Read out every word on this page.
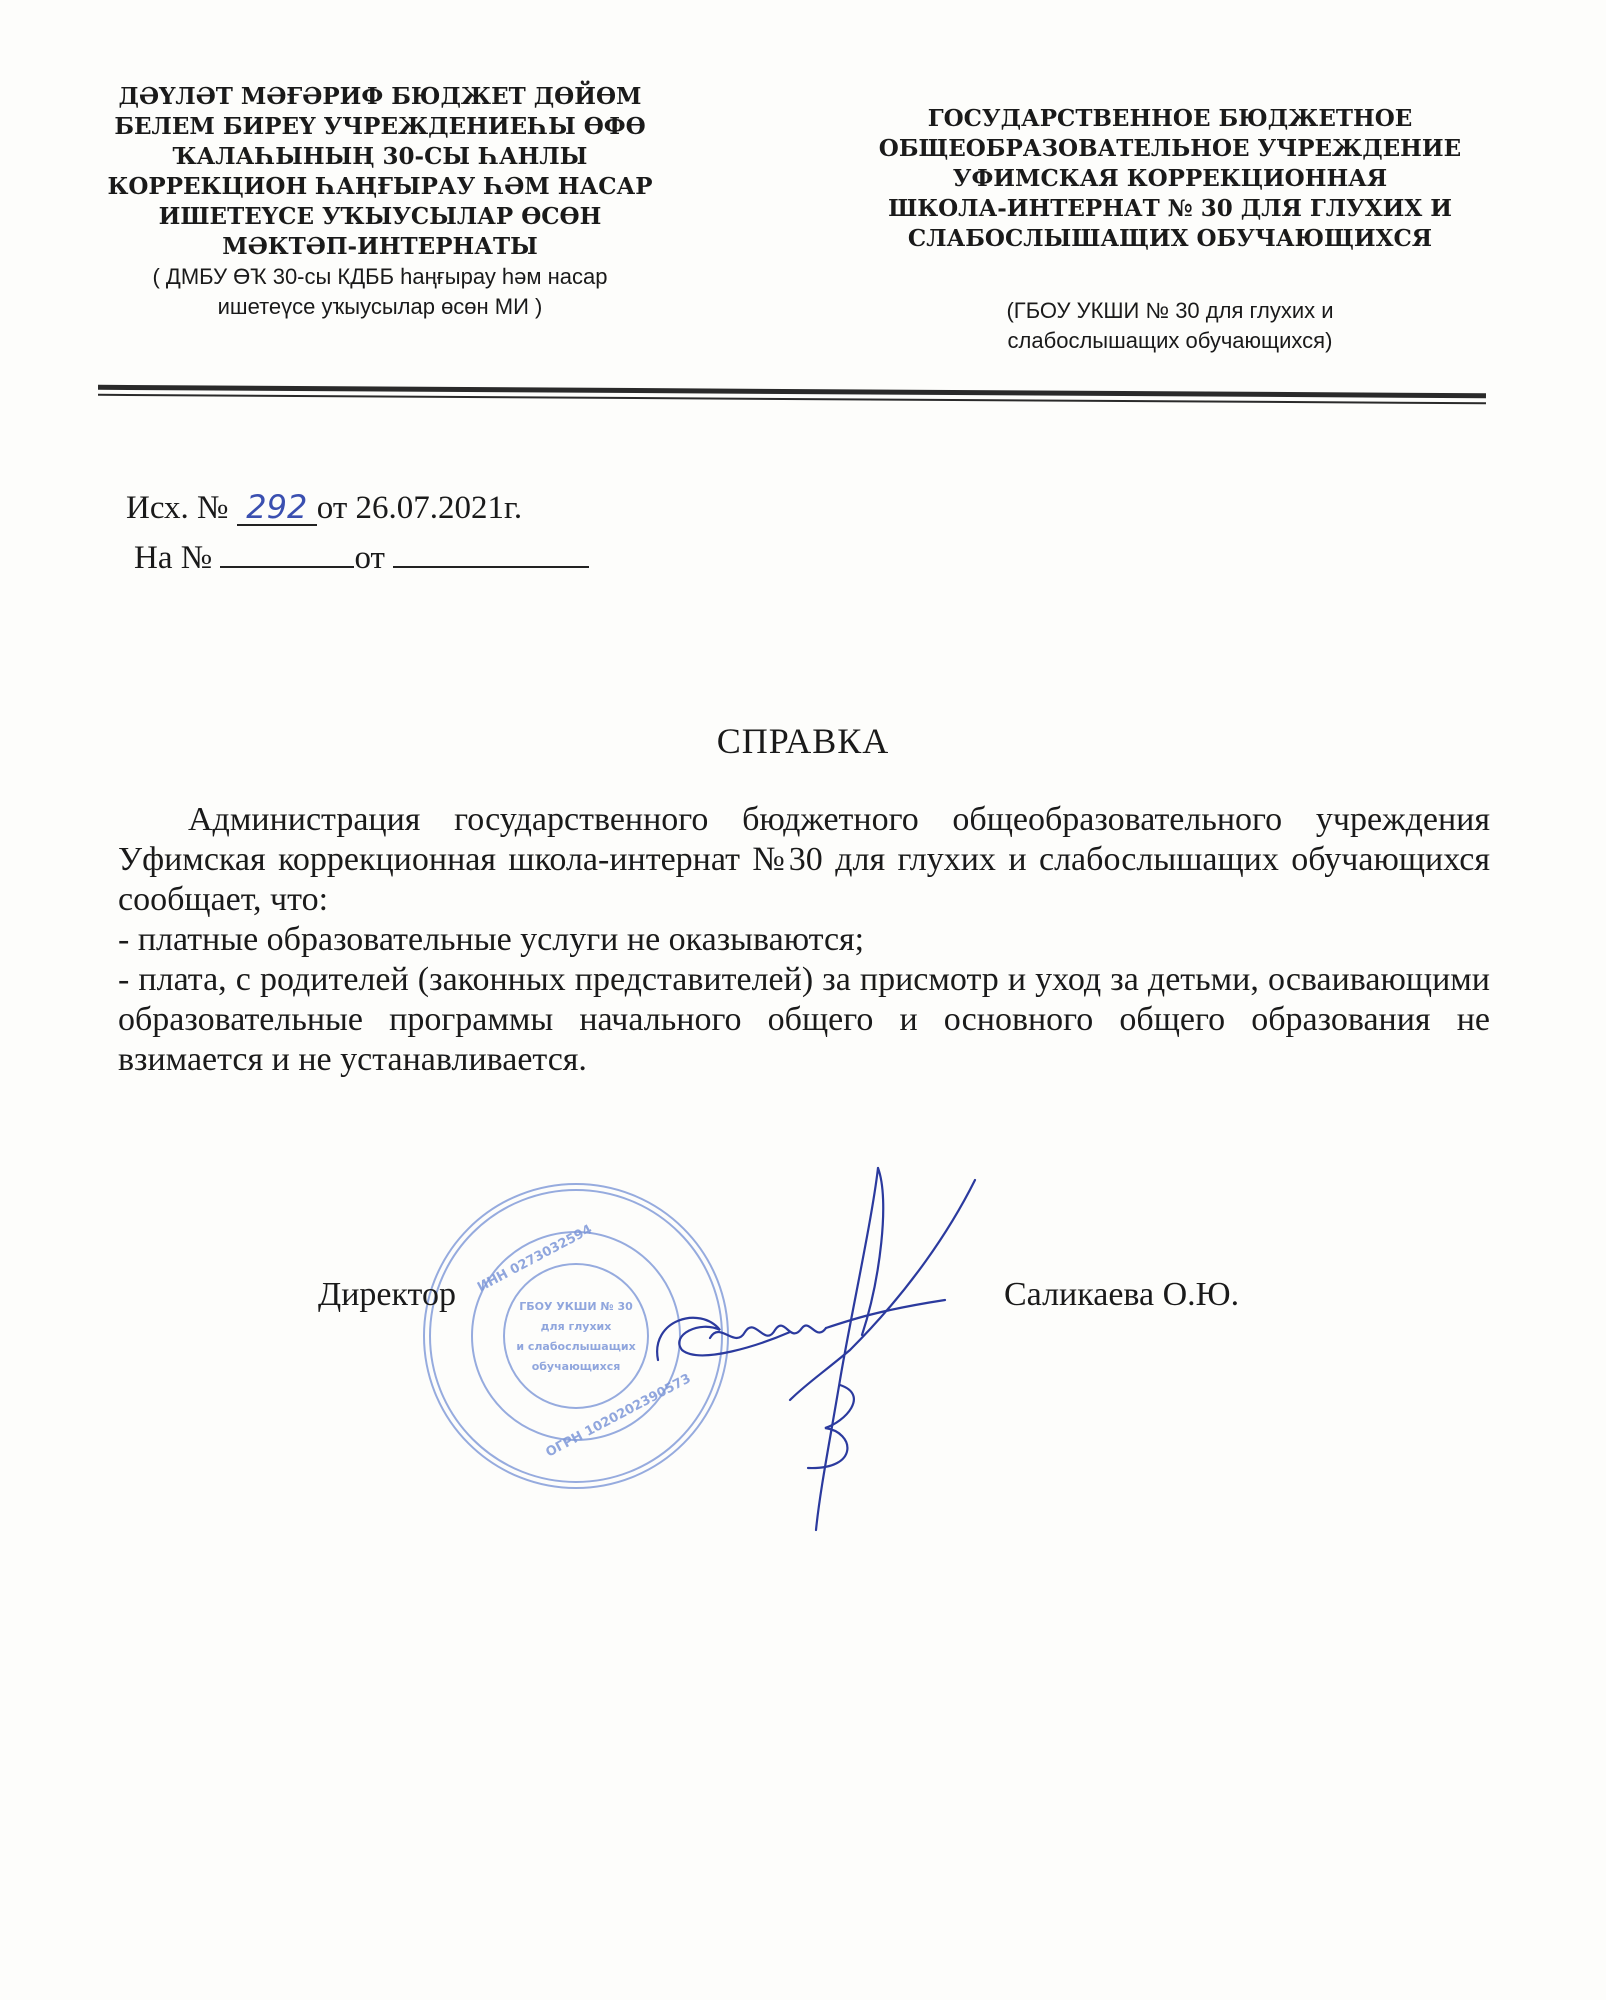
ДӘҮЛӘТ МӘҒӘРИФ БЮДЖЕТ ДӨЙӨМ
БЕЛЕМ БИРЕҮ УЧРЕЖДЕНИЕҺЫ ӨФӨ
ҠАЛАҺЫНЫҢ 30-СЫ ҺАНЛЫ
КОРРЕКЦИОН ҺАҢҒЫРАУ ҺӘМ НАСАР
ИШЕТЕҮСЕ УҠЫУСЫЛАР ӨСӨН
МӘКТӘП-ИНТЕРНАТЫ
( ДМБУ ӨҠ 30-сы КДББ һаңғырау һәм насар
ишетеүсе уҡыусылар өсөн МИ )
ГОСУДАРСТВЕННОЕ БЮДЖЕТНОЕ
ОБЩЕОБРАЗОВАТЕЛЬНОЕ УЧРЕЖДЕНИЕ
УФИМСКАЯ КОРРЕКЦИОННАЯ
ШКОЛА-ИНТЕРНАТ № 30 ДЛЯ ГЛУХИХ И
СЛАБОСЛЫШАЩИХ ОБУЧАЮЩИХСЯ
(ГБОУ УКШИ № 30 для глухих и
слабослышащих обучающихся)
Исх. № 292 от 26.07.2021г.
На №	от
СПРАВКА

Администрация государственного бюджетного общеобразовательного учреждения Уфимская коррекционная школа-интернат №30 для глухих и слабослышащих обучающихся сообщает, что:

- платные образовательные услуги не оказываются;

- плата, с родителей (законных представителей) за присмотр и уход за детьми, осваивающими образовательные программы начального общего и основного общего образования не взимается и не устанавливается.

ГБОУ УКШИ № 30
для глухих
и слабослышащих
обучающихся
ИНН 0273032594
ОГРН 1020202390573
Директор	Саликаева О.Ю.
